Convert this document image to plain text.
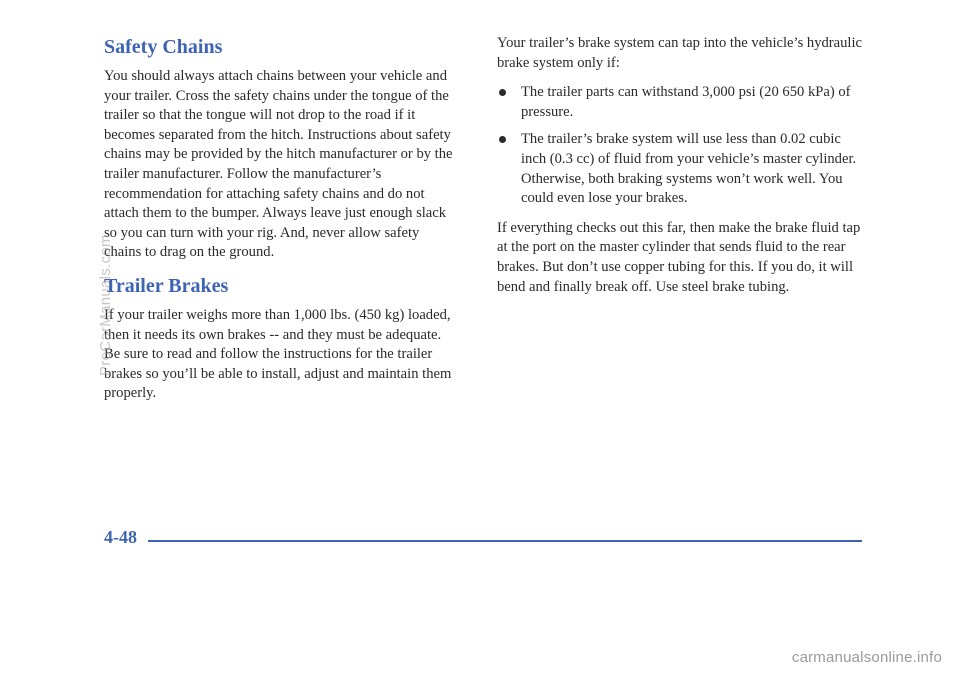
Safety Chains

You should always attach chains between your vehicle and your trailer. Cross the safety chains under the tongue of the trailer so that the tongue will not drop to the road if it becomes separated from the hitch. Instructions about safety chains may be provided by the hitch manufacturer or by the trailer manufacturer. Follow the manufacturer’s recommendation for attaching safety chains and do not attach them to the bumper. Always leave just enough slack so you can turn with your rig. And, never allow safety chains to drag on the ground.

Trailer Brakes

If your trailer weighs more than 1,000 lbs. (450 kg) loaded, then it needs its own brakes -- and they must be adequate. Be sure to read and follow the instructions for the trailer brakes so you’ll be able to install, adjust and maintain them properly.

Your trailer’s brake system can tap into the vehicle’s hydraulic brake system only if:

The trailer parts can withstand 3,000 psi (20 650 kPa) of pressure.
The trailer’s brake system will use less than 0.02 cubic inch (0.3 cc) of fluid from your vehicle’s master cylinder. Otherwise, both braking systems won’t work well. You could even lose your brakes.

If everything checks out this far, then make the brake fluid tap at the port on the master cylinder that sends fluid to the rear brakes. But don’t use copper tubing for this. If you do, it will bend and finally break off. Use steel brake tubing.

4-48
ProCarManuals.com
carmanualsonline.info
